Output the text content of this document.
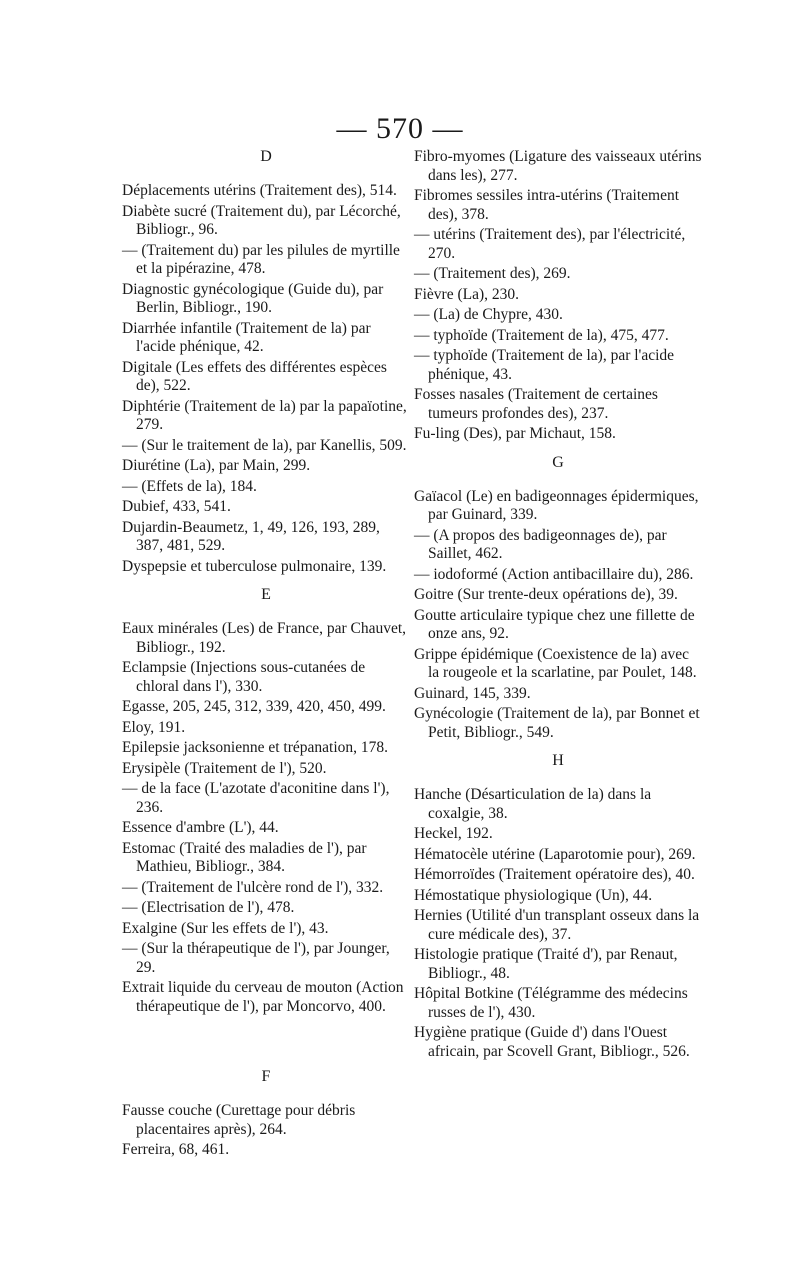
— 570 —
D
Déplacements utérins (Traitement des), 514.
Diabète sucré (Traitement du), par Lécorché, Bibliogr., 96.
— (Traitement du) par les pilules de myrtille et la pipérazine, 478.
Diagnostic gynécologique (Guide du), par Berlin, Bibliogr., 190.
Diarrhée infantile (Traitement de la) par l'acide phénique, 42.
Digitale (Les effets des différentes espèces de), 522.
Diphtérie (Traitement de la) par la papaïotine, 279.
— (Sur le traitement de la), par Kanellis, 509.
Diurétine (La), par Main, 299.
— (Effets de la), 184.
Dubief, 433, 541.
Dujardin-Beaumetz, 1, 49, 126, 193, 289, 387, 481, 529.
Dyspepsie et tuberculose pulmonaire, 139.
E
Eaux minérales (Les) de France, par Chauvet, Bibliogr., 192.
Eclampsie (Injections sous-cutanées de chloral dans l'), 330.
Egasse, 205, 245, 312, 339, 420, 450, 499.
Eloy, 191.
Epilepsie jacksonienne et trépanation, 178.
Erysipèle (Traitement de l'), 520.
— de la face (L'azotate d'aconitine dans l'), 236.
Essence d'ambre (L'), 44.
Estomac (Traité des maladies de l'), par Mathieu, Bibliogr., 384.
— (Traitement de l'ulcère rond de l'), 332.
— (Electrisation de l'), 478.
Exalgine (Sur les effets de l'), 43.
— (Sur la thérapeutique de l'), par Jounger, 29.
Extrait liquide du cerveau de mouton (Action thérapeutique de l'), par Moncorvo, 400.
F
Fausse couche (Curettage pour débris placentaires après), 264.
Ferreira, 68, 461.
Fibro-myomes (Ligature des vaisseaux utérins dans les), 277.
Fibromes sessiles intra-utérins (Traitement des), 378.
— utérins (Traitement des), par l'électricité, 270.
— (Traitement des), 269.
Fièvre (La), 230.
— (La) de Chypre, 430.
— typhoïde (Traitement de la), 475, 477.
— typhoïde (Traitement de la), par l'acide phénique, 43.
Fosses nasales (Traitement de certaines tumeurs profondes des), 237.
Fu-ling (Des), par Michaut, 158.
G
Gaïacol (Le) en badigeonnages épidermiques, par Guinard, 339.
— (A propos des badigeonnages de), par Saillet, 462.
— iodoformé (Action antibacillaire du), 286.
Goitre (Sur trente-deux opérations de), 39.
Goutte articulaire typique chez une fillette de onze ans, 92.
Grippe épidémique (Coexistence de la) avec la rougeole et la scarlatine, par Poulet, 148.
Guinard, 145, 339.
Gynécologie (Traitement de la), par Bonnet et Petit, Bibliogr., 549.
H
Hanche (Désarticulation de la) dans la coxalgie, 38.
Heckel, 192.
Hématocèle utérine (Laparotomie pour), 269.
Hémorroïdes (Traitement opératoire des), 40.
Hémostatique physiologique (Un), 44.
Hernies (Utilité d'un transplant osseux dans la cure médicale des), 37.
Histologie pratique (Traité d'), par Renaut, Bibliogr., 48.
Hôpital Botkine (Télégramme des médecins russes de l'), 430.
Hygiène pratique (Guide d') dans l'Ouest africain, par Scovell Grant, Bibliogr., 526.
